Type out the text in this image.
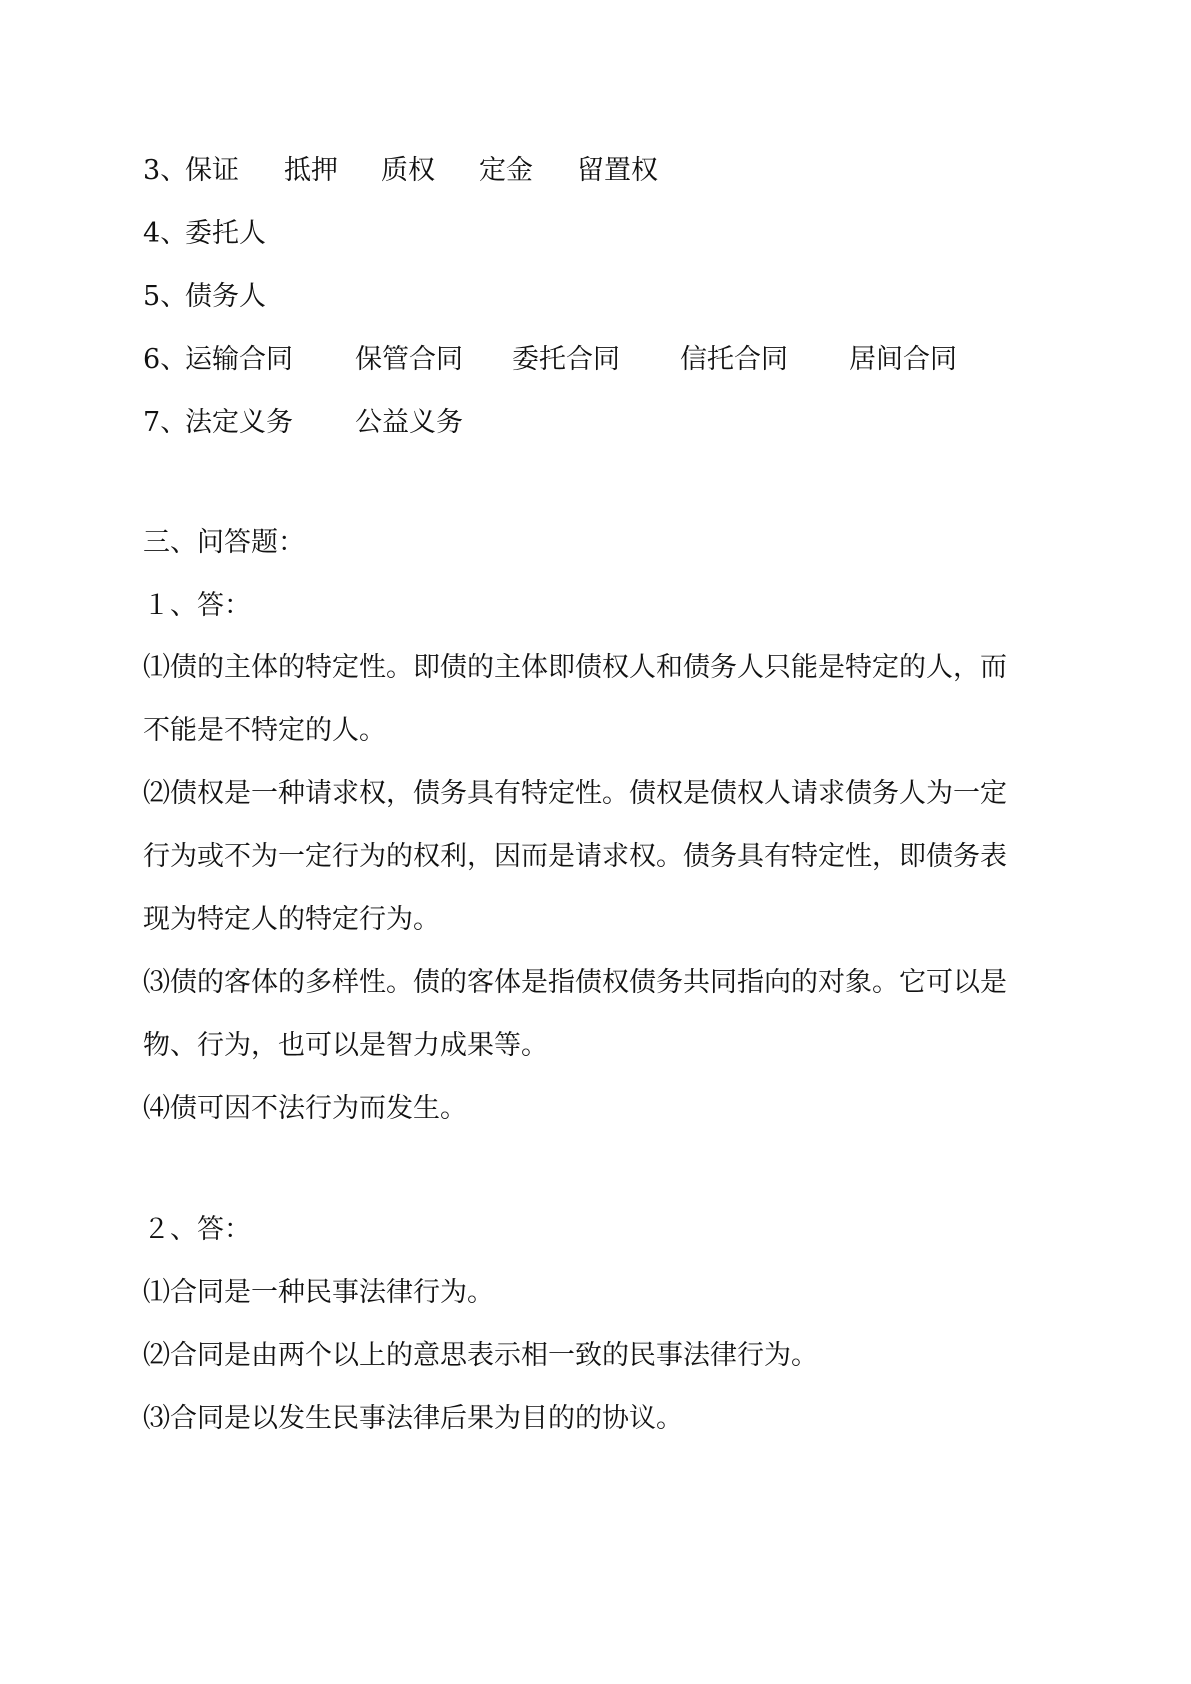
3、
保证 抵押 质权 定金 留置权
4、
委托人
5、
债务人
6、
运输合同 保管合同 委托合同 信托合同 居间合同
7、
法定义务 公益义务
三、问答题：
１、答：
⑴债的主体的特定性。即债的主体即债权人和债务人只能是特定的人，而
不能是不特定的人。
⑵债权是一种请求权，债务具有特定性。债权是债权人请求债务人为一定
行为或不为一定行为的权利，因而是请求权。债务具有特定性，即债务表
现为特定人的特定行为。
⑶债的客体的多样性。债的客体是指债权债务共同指向的对象。它可以是
物、行为，也可以是智力成果等。
⑷债可因不法行为而发生。
２、答：
⑴合同是一种民事法律行为。
⑵合同是由两个以上的意思表示相一致的民事法律行为。
⑶合同是以发生民事法律后果为目的的协议。
